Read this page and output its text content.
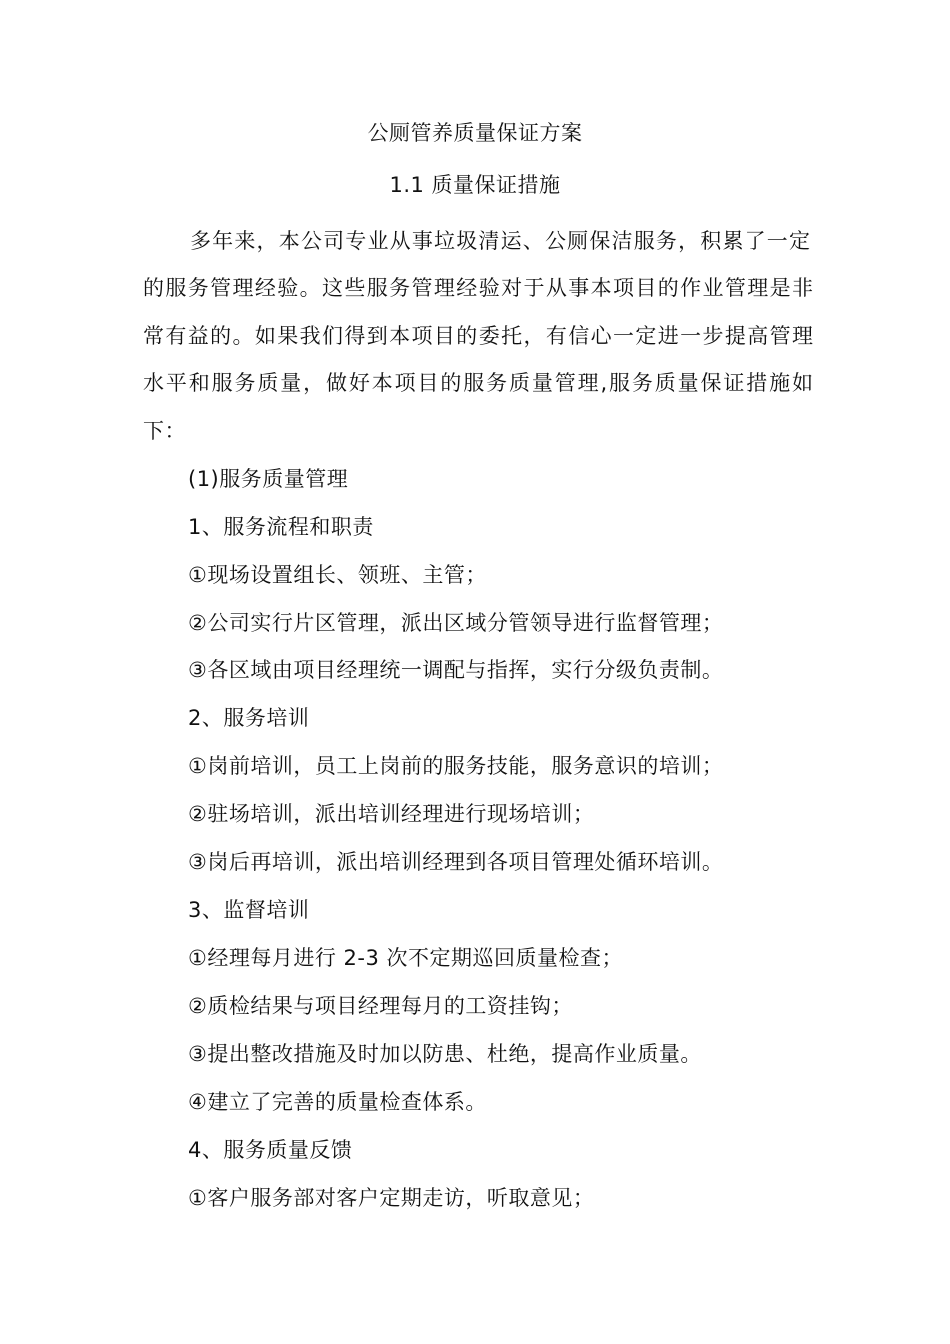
公厕管养质量保证方案
1.1 质量保证措施
多年来，本公司专业从事垃圾清运、公厕保洁服务，积累了一定
的服务管理经验。这些服务管理经验对于从事本项目的作业管理是非
常有益的。如果我们得到本项目的委托，有信心一定进一步提高管理
水平和服务质量，做好本项目的服务质量管理,服务质量保证措施如
下：
(1)服务质量管理
1、服务流程和职责
①现场设置组长、领班、主管；
②公司实行片区管理，派出区域分管领导进行监督管理；
③各区域由项目经理统一调配与指挥，实行分级负责制。
2、服务培训
①岗前培训，员工上岗前的服务技能，服务意识的培训；
②驻场培训，派出培训经理进行现场培训；
③岗后再培训，派出培训经理到各项目管理处循环培训。
3、监督培训
①经理每月进行 2-3 次不定期巡回质量检查；
②质检结果与项目经理每月的工资挂钩；
③提出整改措施及时加以防患、杜绝，提高作业质量。
④建立了完善的质量检查体系。
4、服务质量反馈
①客户服务部对客户定期走访，听取意见；
